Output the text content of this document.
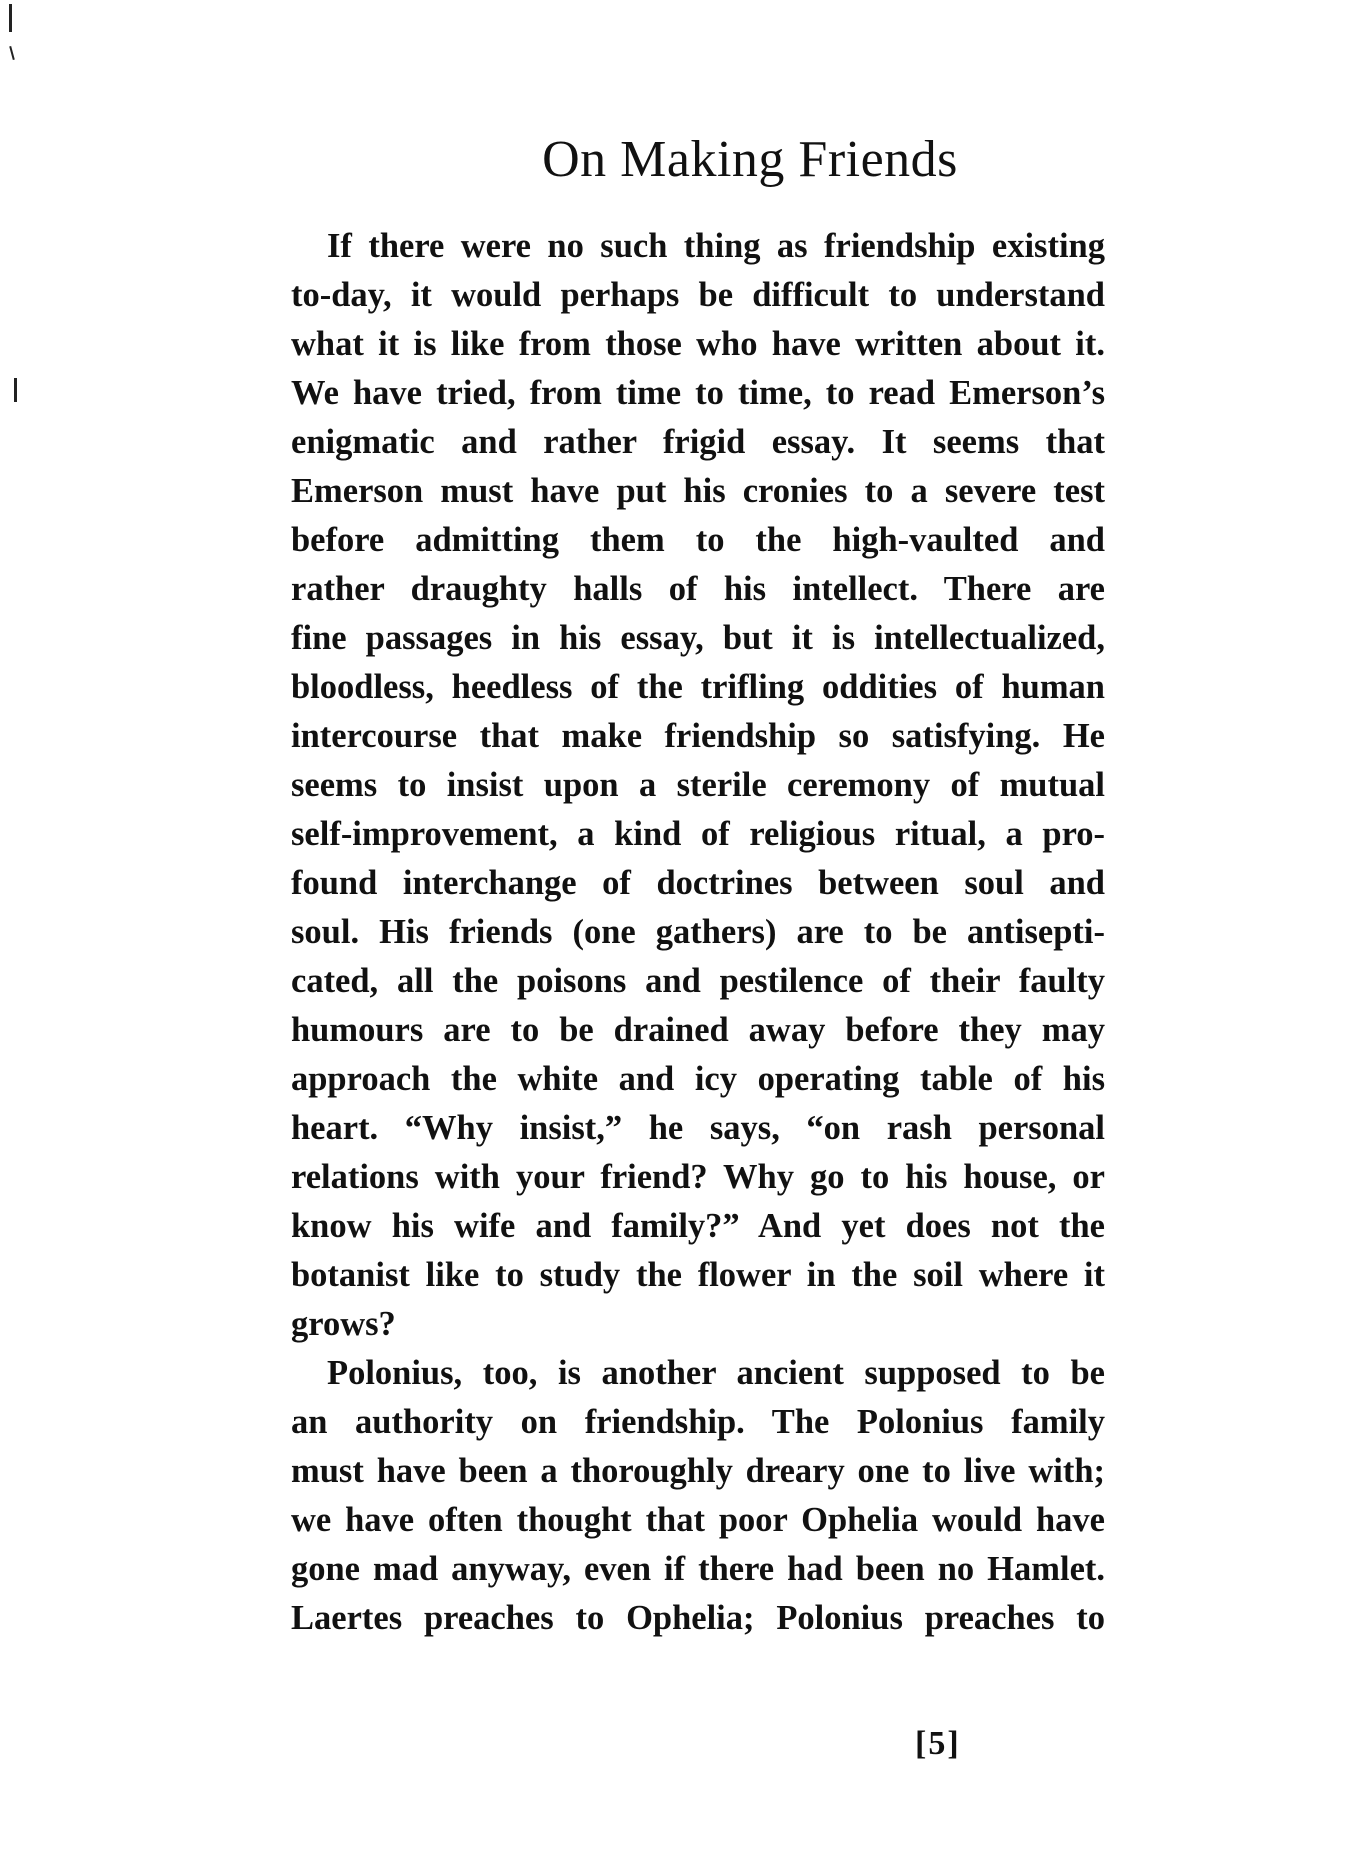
On Making Friends
If there were no such thing as friendship existing
to-day, it would perhaps be difficult to understand
what it is like from those who have written about it.
We have tried, from time to time, to read Emerson’s
enigmatic and rather frigid essay. It seems that
Emerson must have put his cronies to a severe test
before admitting them to the high-vaulted and
rather draughty halls of his intellect. There are
fine passages in his essay, but it is intellectualized,
bloodless, heedless of the trifling oddities of human
intercourse that make friendship so satisfying. He
seems to insist upon a sterile ceremony of mutual
self-improvement, a kind of religious ritual, a pro-
found interchange of doctrines between soul and
soul. His friends (one gathers) are to be antisepti-
cated, all the poisons and pestilence of their faulty
humours are to be drained away before they may
approach the white and icy operating table of his
heart. “Why insist,” he says, “on rash personal
relations with your friend? Why go to his house, or
know his wife and family?” And yet does not the
botanist like to study the flower in the soil where it
grows?
Polonius, too, is another ancient supposed to be
an authority on friendship. The Polonius family
must have been a thoroughly dreary one to live with;
we have often thought that poor Ophelia would have
gone mad anyway, even if there had been no Hamlet.
Laertes preaches to Ophelia; Polonius preaches to
[5]
